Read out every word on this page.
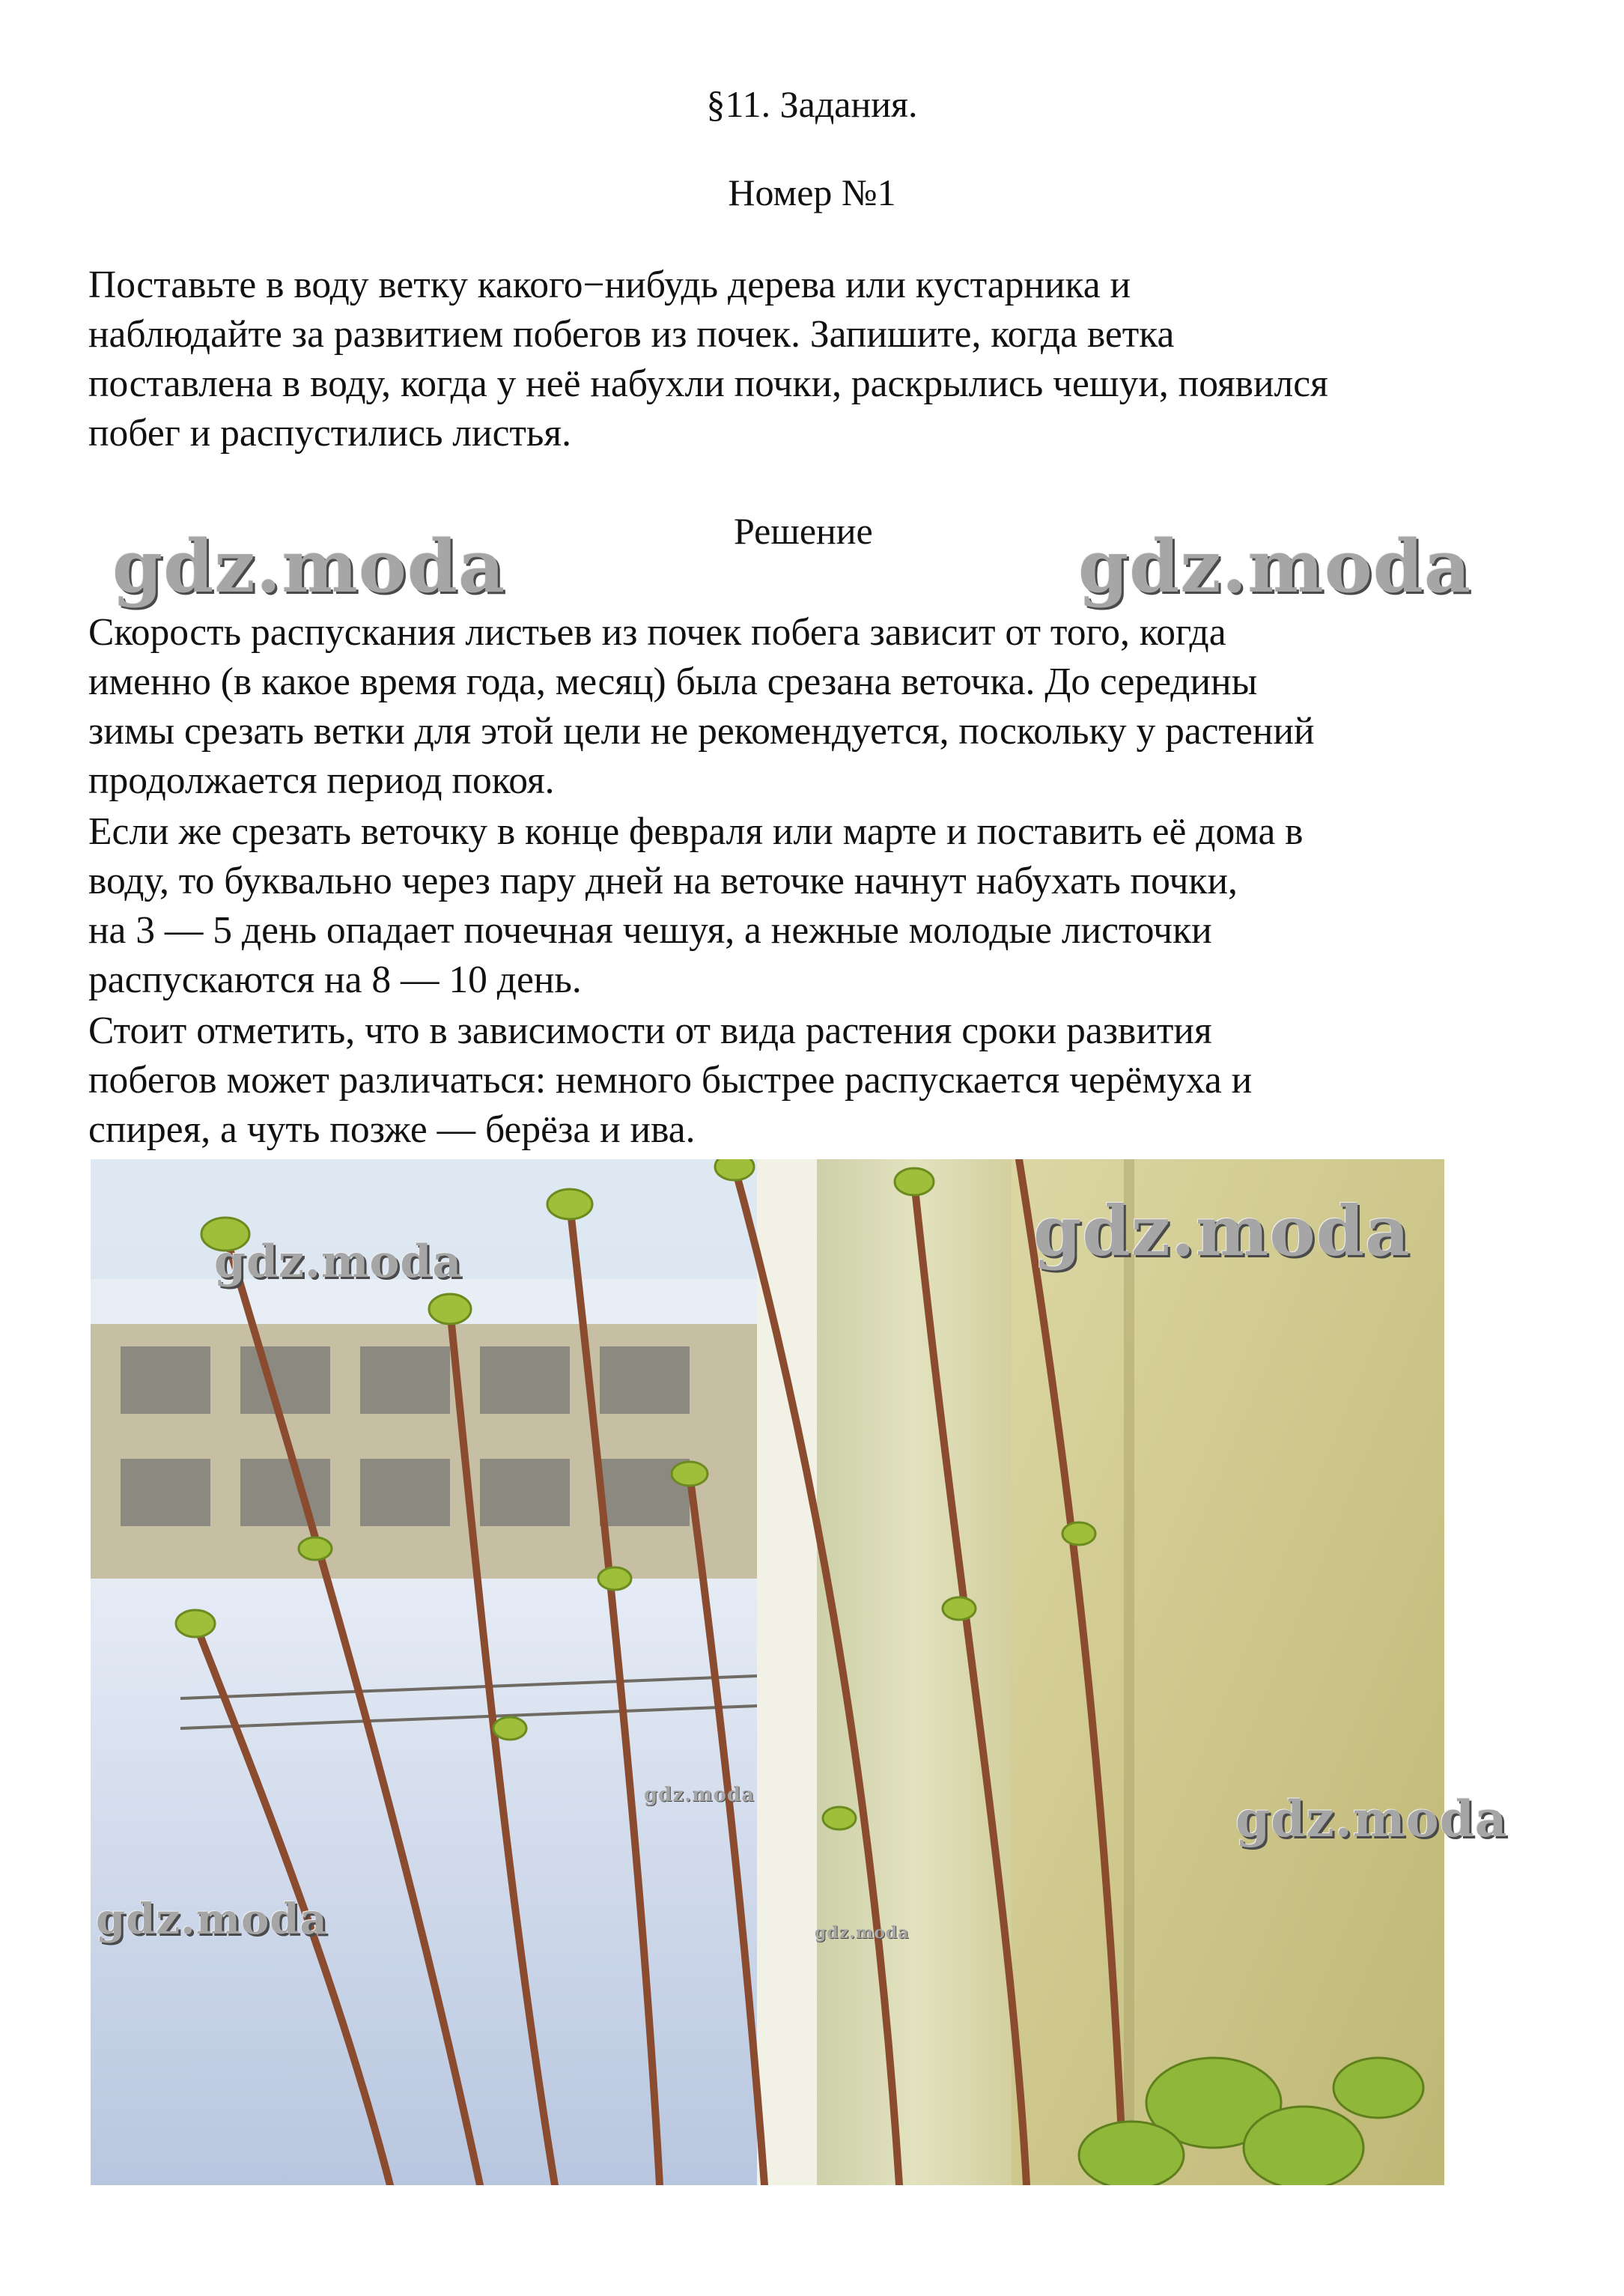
§11. Задания.
Номер №1
Поставьте в воду ветку какого−нибудь дерева или кустарника и
наблюдайте за развитием побегов из почек. Запишите, когда ветка
поставлена в воду, когда у неё набухли почки, раскрылись чешуи, появился
побег и распустились листья.
Решение
gdz.moda	gdz.moda
Скорость распускания листьев из почек побега зависит от того, когда
именно (в какое время года, месяц) была срезана веточка. До середины
зимы срезать ветки для этой цели не рекомендуется, поскольку у растений
продолжается период покоя.
Если же срезать веточку в конце февраля или марте и поставить её дома в
воду, то буквально через пару дней на веточке начнут набухать почки,
на 3 — 5 день опадает почечная чешуя, а нежные молодые листочки
распускаются на 8 — 10 день.
Стоит отметить, что в зависимости от вида растения сроки развития
побегов может различаться: немного быстрее распускается черёмуха и
спирея, а чуть позже — берёза и ива.
gdz.moda	gdz.moda
gdz.moda	gdz.moda
gdz.moda	gdz.moda
